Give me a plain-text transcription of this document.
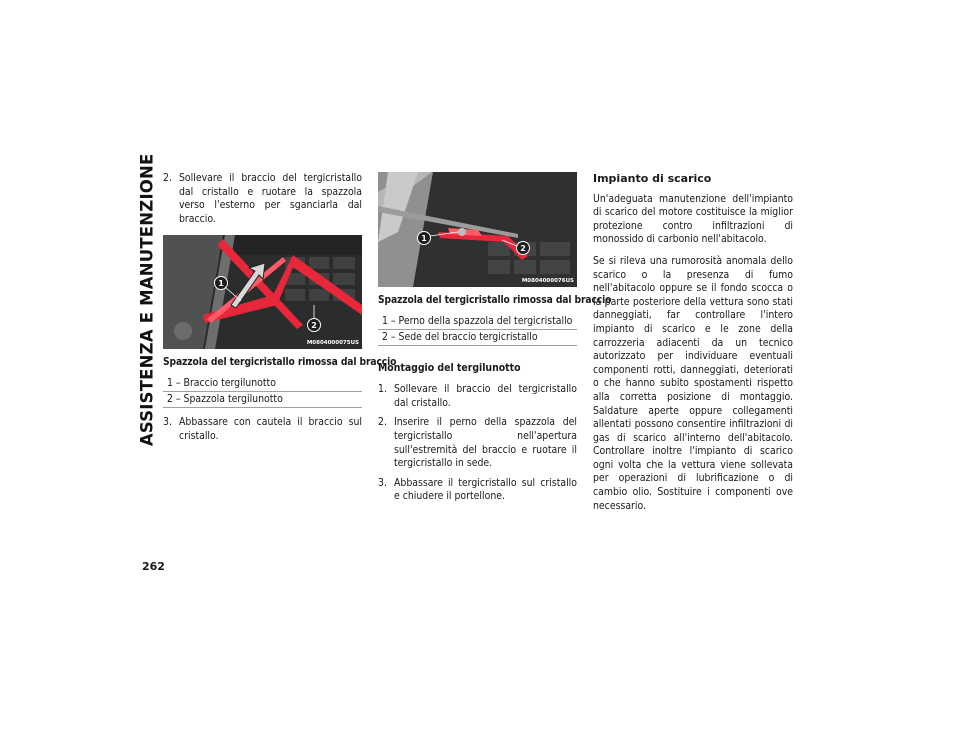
ASSISTENZA E MANUTENZIONE
262
2. Sollevare il braccio del tergicristallo dal cristallo e ruotare la spazzola verso l'esterno per sganciarla dal braccio.
1
2
M0804000075US
Spazzola del tergicristallo rimossa dal braccio
1 – Braccio tergilunotto
2 – Spazzola tergilunotto
3. Abbassare con cautela il braccio sul cristallo.
1
2
M0804000076US
Spazzola del tergicristallo rimossa dal braccio
1 – Perno della spazzola del tergicristallo
2 – Sede del braccio tergicristallo
Montaggio del tergilunotto
1. Sollevare il braccio del tergicristallo dal cristallo.
2. Inserire il perno della spazzola del tergicristallo nell'apertura sull'estremità del braccio e ruotare il tergicristallo in sede.
3. Abbassare il tergicristallo sul cristallo e chiudere il portellone.
Impianto di scarico

Un'adeguata manutenzione dell'impianto di scarico del motore costituisce la miglior protezione contro infiltrazioni di monossido di carbonio nell'abitacolo.

Se si rileva una rumorosità anomala dello scarico o la presenza di fumo nell'abitacolo oppure se il fondo scocca o la parte posteriore della vettura sono stati danneggiati, far controllare l'intero impianto di scarico e le zone della carrozzeria adiacenti da un tecnico autorizzato per individuare eventuali componenti rotti, danneggiati, deteriorati o che hanno subito spostamenti rispetto alla corretta posizione di montaggio. Saldature aperte oppure collegamenti allentati possono consentire infiltrazioni di gas di scarico all'interno dell'abitacolo. Controllare inoltre l'impianto di scarico ogni volta che la vettura viene sollevata per operazioni di lubrificazione o di cambio olio. Sostituire i componenti ove necessario.
